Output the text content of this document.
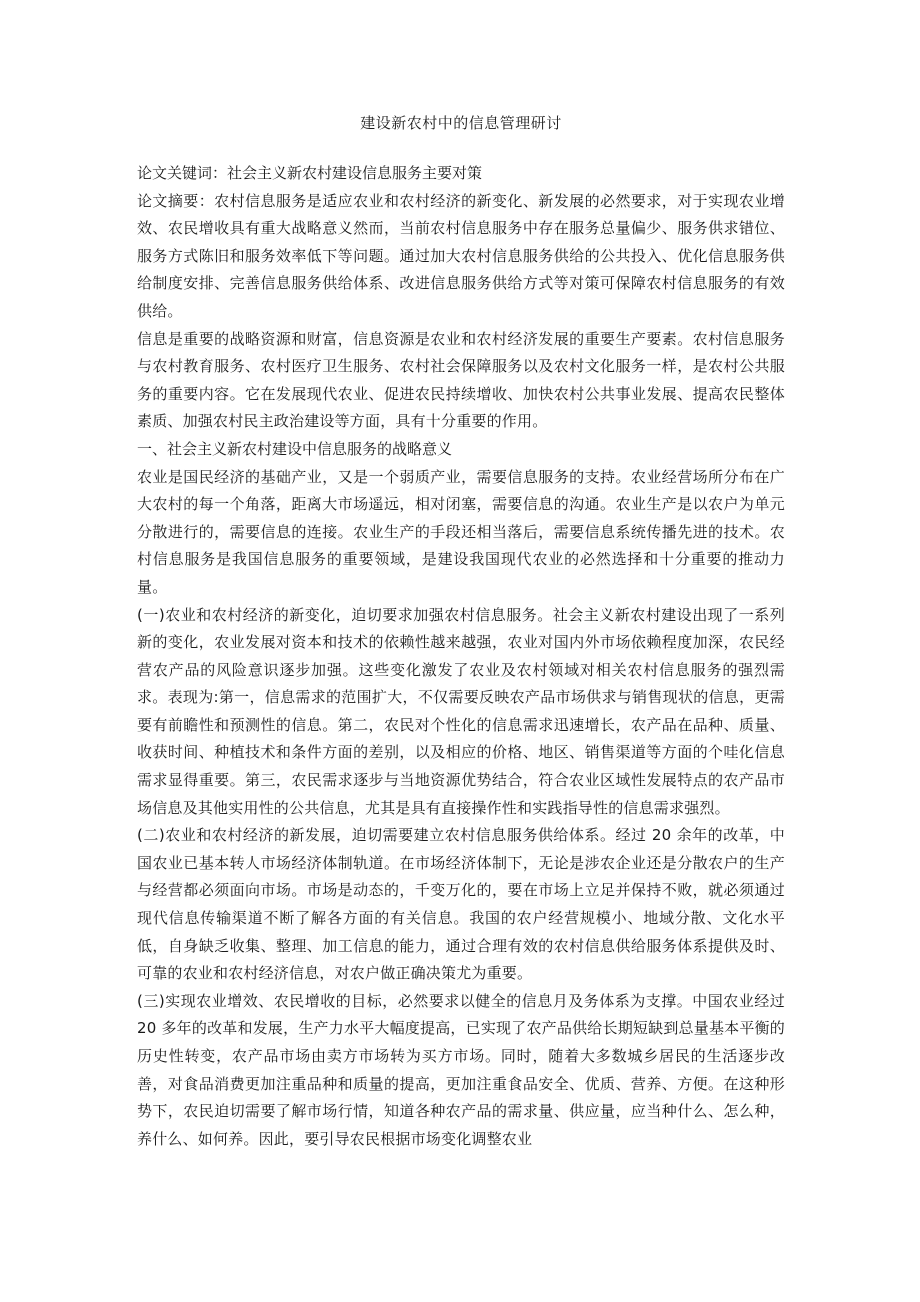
建设新农村中的信息管理研讨

论文关键词：社会主义新农村建设信息服务主要对策

论文摘要：农村信息服务是适应农业和农村经济的新变化、新发展的必然要求，对于实现农业增效、农民增收具有重大战略意义然而，当前农村信息服务中存在服务总量偏少、服务供求错位、服务方式陈旧和服务效率低下等问题。通过加大农村信息服务供给的公共投入、优化信息服务供给制度安排、完善信息服务供给体系、改进信息服务供给方式等对策可保障农村信息服务的有效供给。

信息是重要的战略资源和财富，信息资源是农业和农村经济发展的重要生产要素。农村信息服务与农村教育服务、农村医疗卫生服务、农村社会保障服务以及农村文化服务一样，是农村公共服务的重要内容。它在发展现代农业、促进农民持续增收、加快农村公共事业发展、提高农民整体素质、加强农村民主政治建设等方面，具有十分重要的作用。

一、社会主义新农村建设中信息服务的战略意义

农业是国民经济的基础产业，又是一个弱质产业，需要信息服务的支持。农业经营场所分布在广大农村的每一个角落，距离大市场遥远，相对闭塞，需要信息的沟通。农业生产是以农户为单元分散进行的，需要信息的连接。农业生产的手段还相当落后，需要信息系统传播先进的技术。农村信息服务是我国信息服务的重要领域，是建设我国现代农业的必然选择和十分重要的推动力量。

(一)农业和农村经济的新变化，迫切要求加强农村信息服务。社会主义新农村建设出现了一系列新的变化，农业发展对资本和技术的依赖性越来越强，农业对国内外市场依赖程度加深，农民经营农产品的风险意识逐步加强。这些变化激发了农业及农村领域对相关农村信息服务的强烈需求。表现为:第一，信息需求的范围扩大，不仅需要反映农产品市场供求与销售现状的信息，更需要有前瞻性和预测性的信息。第二，农民对个性化的信息需求迅速增长，农产品在品种、质量、收获时间、种植技术和条件方面的差别，以及相应的价格、地区、销售渠道等方面的个哇化信息需求显得重要。第三，农民需求逐步与当地资源优势结合，符合农业区域性发展特点的农产品市场信息及其他实用性的公共信息，尤其是具有直接操作性和实践指导性的信息需求强烈。

(二)农业和农村经济的新发展，迫切需要建立农村信息服务供给体系。经过 20 余年的改革，中国农业已基本转人市场经济体制轨道。在市场经济体制下，无论是涉农企业还是分散农户的生产与经营都必须面向市场。市场是动态的，千变万化的，要在市场上立足并保持不败，就必须通过现代信息传输渠道不断了解各方面的有关信息。我国的农户经营规模小、地域分散、文化水平低，自身缺乏收集、整理、加工信息的能力，通过合理有效的农村信息供给服务体系提供及时、可靠的农业和农村经济信息，对农户做正确决策尤为重要。

(三)实现农业增效、农民增收的目标，必然要求以健全的信息月及务体系为支撑。中国农业经过 20 多年的改革和发展，生产力水平大幅度提高，已实现了农产品供给长期短缺到总量基本平衡的历史性转变，农产品市场由卖方市场转为买方市场。同时，随着大多数城乡居民的生活逐步改善，对食品消费更加注重品种和质量的提高，更加注重食品安全、优质、营养、方便。在这种形势下，农民迫切需要了解市场行情，知道各种农产品的需求量、供应量，应当种什么、怎么种，养什么、如何养。因此，要引导农民根据市场变化调整农业
